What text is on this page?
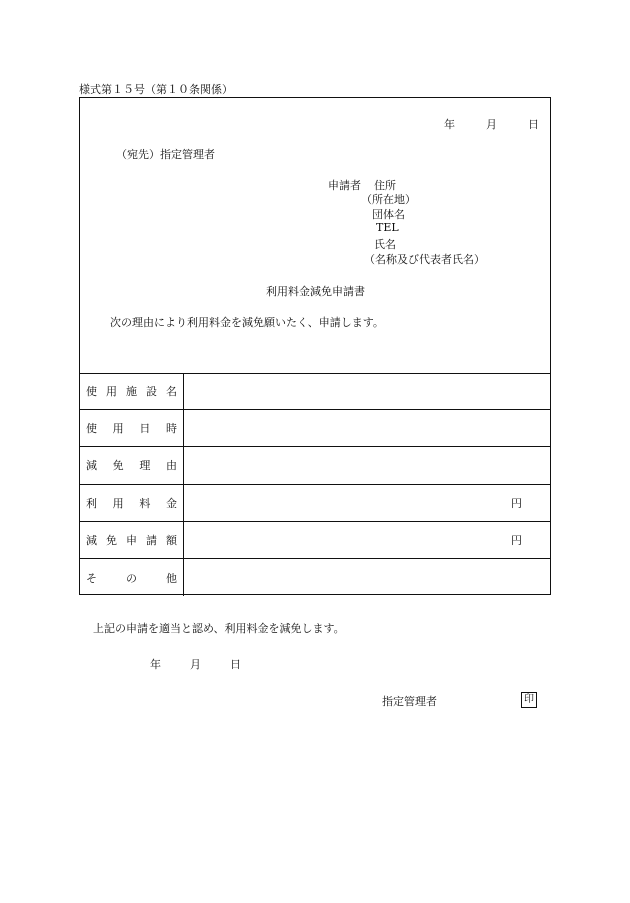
様式第１５号（第１０条関係）
年	月	日
（宛先）指定管理者
申請者 住所
（所在地）
団体名
TEL
氏名
（名称及び代表者氏名）
利用料金減免申請書
次の理由により利用料金を減免願いたく、申請します。
使 用 施 設 名
使 用 日 時
減 免 理 由
利 用 料 金	円
減 免 申 請 額	円
そ	の	他
上記の申請を適当と認め、利用料金を減免します。
年	月	日
指定管理者	印
